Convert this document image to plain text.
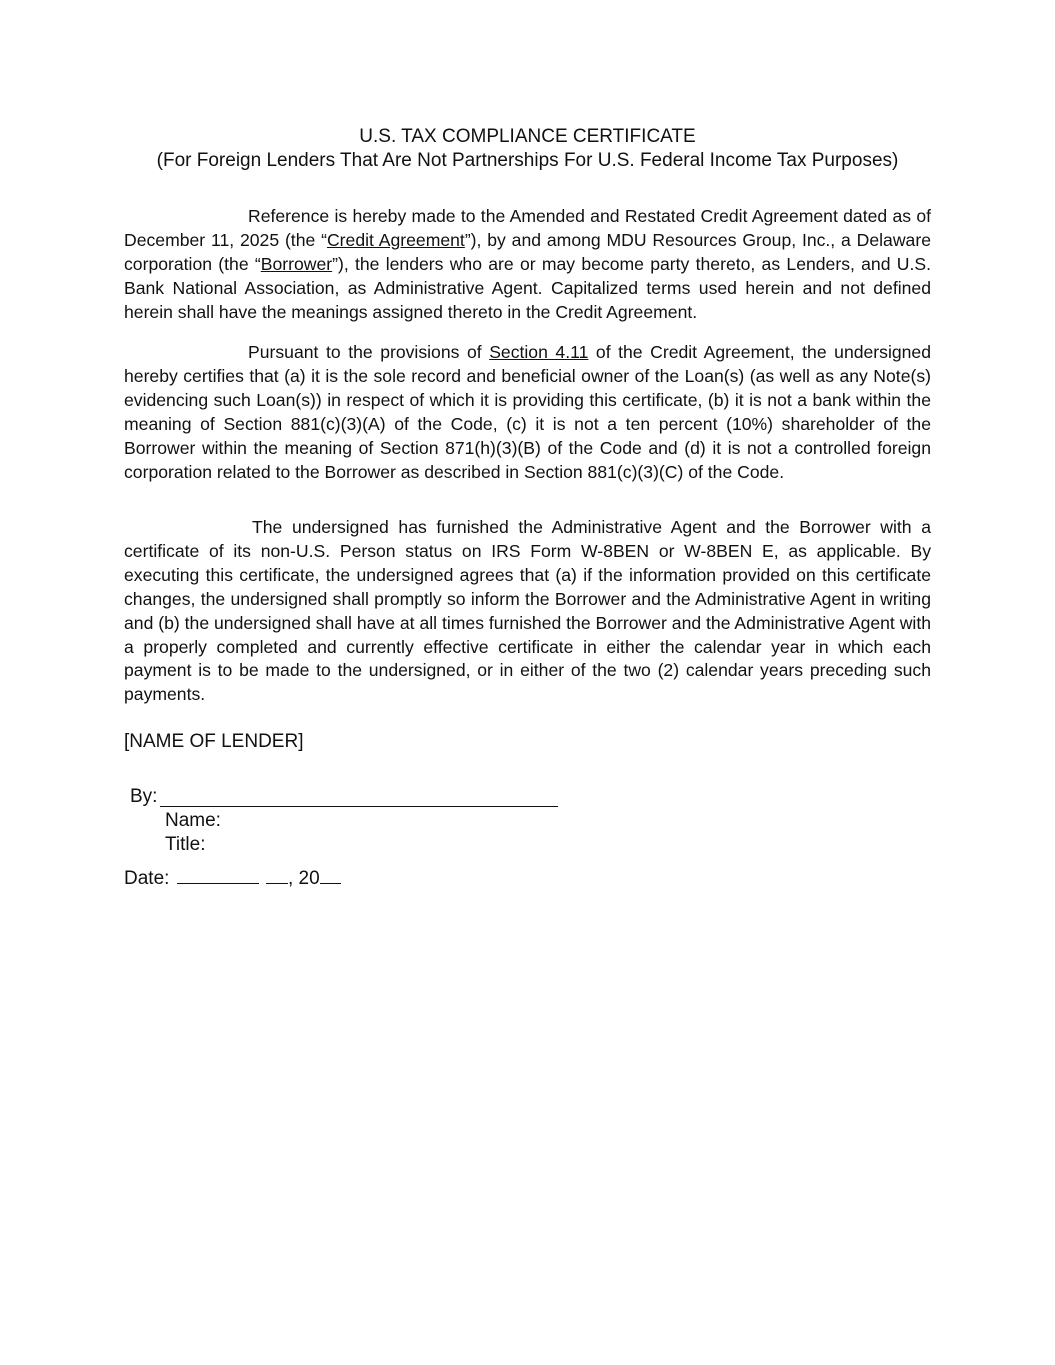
U.S. TAX COMPLIANCE CERTIFICATE
(For Foreign Lenders That Are Not Partnerships For U.S. Federal Income Tax Purposes)

Reference is hereby made to the Amended and Restated Credit Agreement dated as of December 11, 2025 (the “Credit Agreement”), by and among MDU Resources Group, Inc., a Delaware corporation (the “Borrower”), the lenders who are or may become party thereto, as Lenders, and U.S. Bank National Association, as Administrative Agent. Capitalized terms used herein and not defined herein shall have the meanings assigned thereto in the Credit Agreement.

Pursuant to the provisions of Section 4.11 of the Credit Agreement, the undersigned hereby certifies that (a) it is the sole record and beneficial owner of the Loan(s) (as well as any Note(s) evidencing such Loan(s)) in respect of which it is providing this certificate, (b) it is not a bank within the meaning of Section 881(c)(3)(A) of the Code, (c) it is not a ten percent (10%) shareholder of the Borrower within the meaning of Section 871(h)(3)(B) of the Code and (d) it is not a controlled foreign corporation related to the Borrower as described in Section 881(c)(3)(C) of the Code.

The undersigned has furnished the Administrative Agent and the Borrower with a certificate of its non-U.S. Person status on IRS Form W-8BEN or W-8BEN E, as applicable. By executing this certificate, the undersigned agrees that (a) if the information provided on this certificate changes, the undersigned shall promptly so inform the Borrower and the Administrative Agent in writing and (b) the undersigned shall have at all times furnished the Borrower and the Administrative Agent with a properly completed and currently effective certificate in either the calendar year in which each payment is to be made to the undersigned, or in either of the two (2) calendar years preceding such payments.

[NAME OF LENDER]
By:
Name:
Title:
Date:	, 20
